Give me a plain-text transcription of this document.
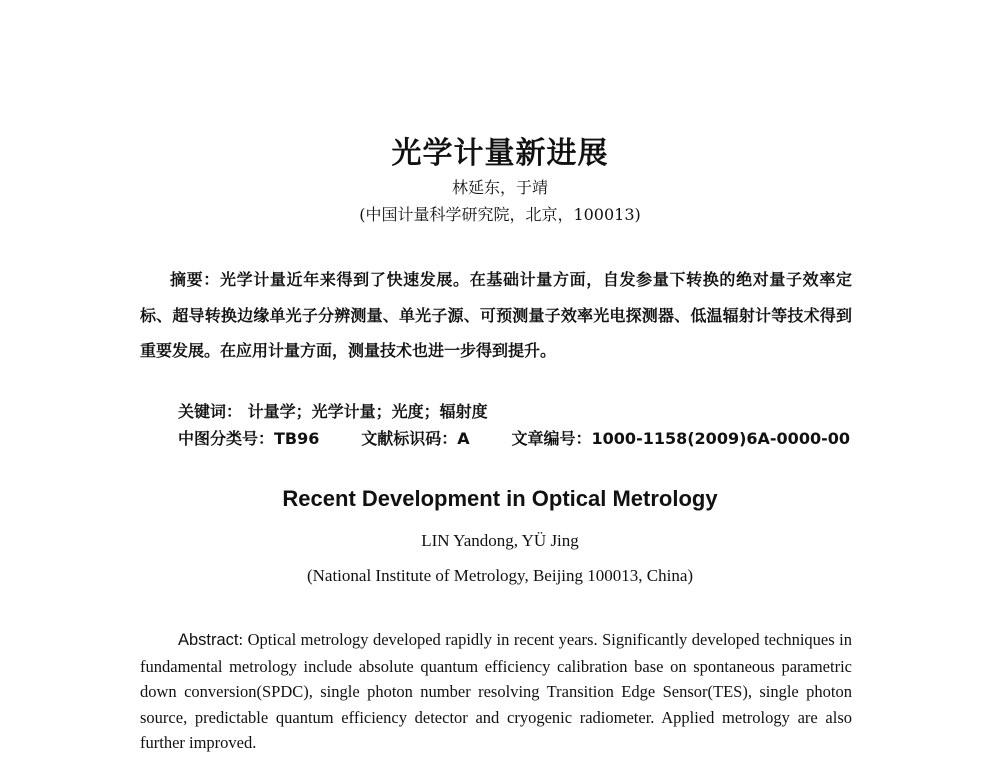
光学计量新进展
林延东，于靖
(中国计量科学研究院，北京，100013)
摘要：光学计量近年来得到了快速发展。在基础计量方面，自发参量下转换的绝对量子效率定标、超导转换边缘单光子分辨测量、单光子源、可预测量子效率光电探测器、低温辐射计等技术得到重要发展。在应用计量方面，测量技术也进一步得到提升。
关键词： 计量学；光学计量；光度；辐射度
中图分类号：TB96	文献标识码：A	文章编号：1000-1158(2009)6A-0000-00
Recent Development in Optical Metrology
LIN Yandong, YÜ Jing
(National Institute of Metrology, Beijing 100013, China)
Abstract: Optical metrology developed rapidly in recent years. Significantly developed techniques in fundamental metrology include absolute quantum efficiency calibration base on spontaneous parametric down conversion(SPDC), single photon number resolving Transition Edge Sensor(TES), single photon source, predictable quantum efficiency detector and cryogenic radiometer. Applied metrology are also further improved.
